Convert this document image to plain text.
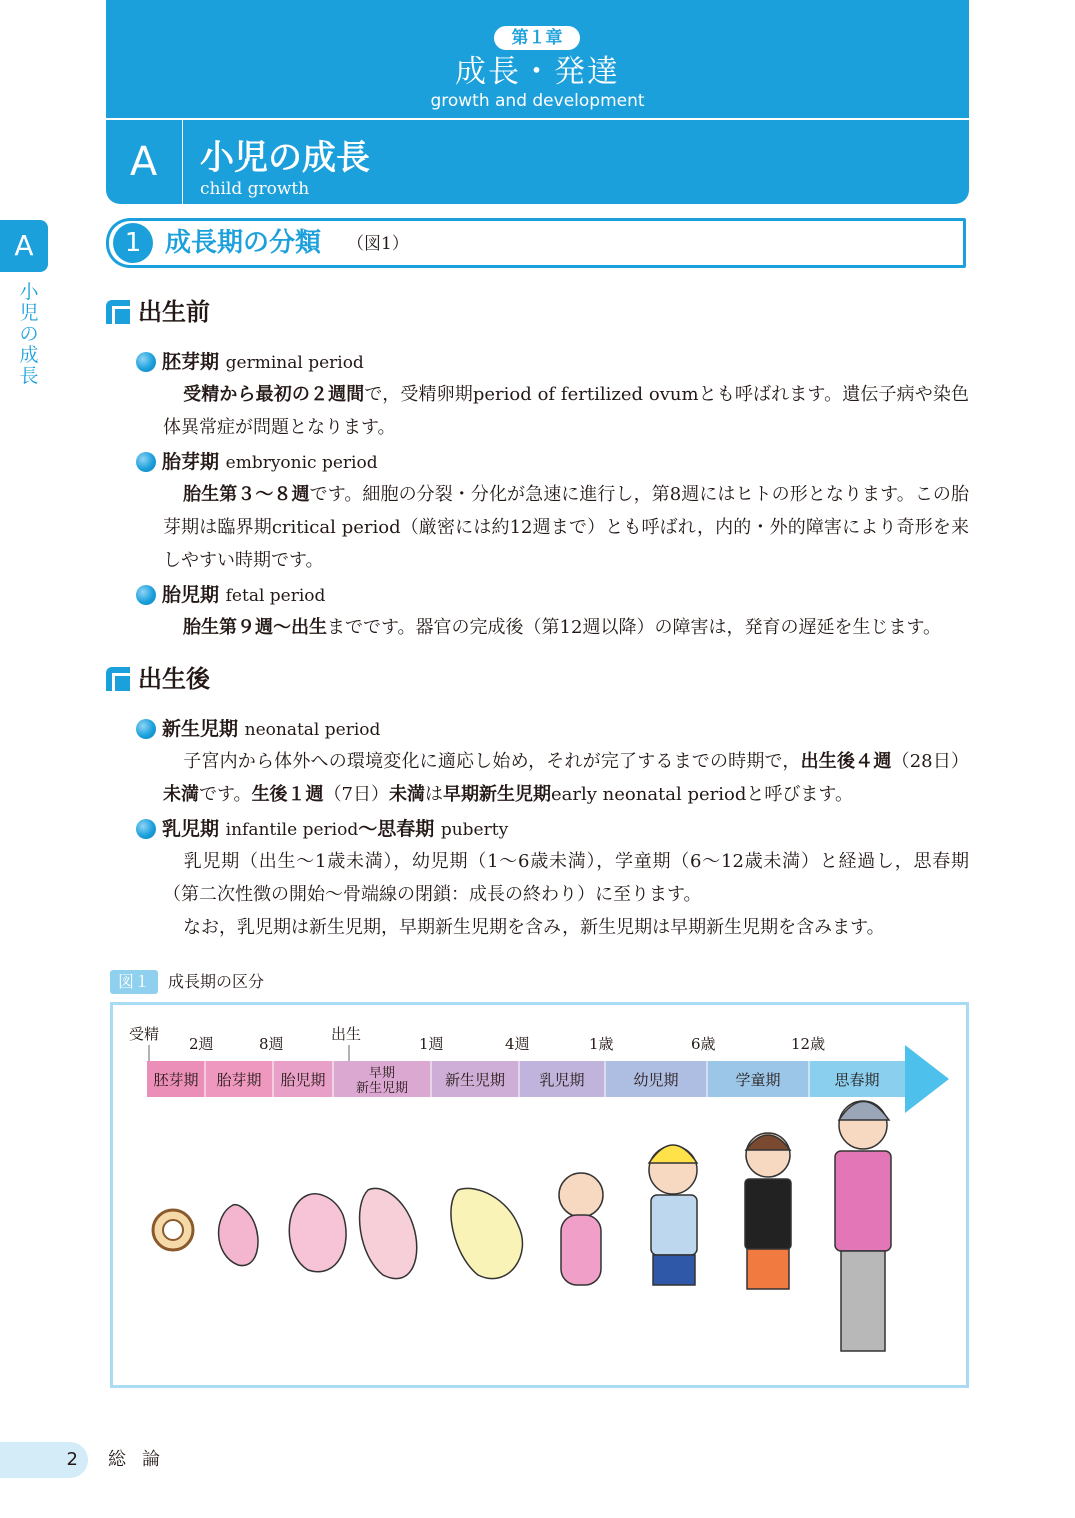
第１章
成長・発達
growth and development
A	小児の成長
child growth
A
小
児
の
成
長
1 成長期の分類 （図1）
出生前
胚芽期 germinal period
受精から最初の２週間で，受精卵期period of fertilized ovumとも呼ばれます。遺伝子病や染色体異常症が問題となります。
胎芽期 embryonic period
胎生第３～８週です。細胞の分裂・分化が急速に進行し，第8週にはヒトの形となります。この胎芽期は臨界期critical period（厳密には約12週まで）とも呼ばれ，内的・外的障害により奇形を来しやすい時期です。
胎児期 fetal period
胎生第９週〜出生までです。器官の完成後（第12週以降）の障害は，発育の遅延を生じます。
出生後
新生児期 neonatal period
子宮内から体外への環境変化に適応し始め，それが完了するまでの時期で，出生後４週（28日）未満です。生後１週（7日）未満は早期新生児期early neonatal periodと呼びます。
乳児期 infantile period〜思春期 puberty
乳児期（出生～1歳未満），幼児期（1～6歳未満），学童期（6～12歳未満）と経過し，思春期（第二次性徴の開始～骨端線の閉鎖：成長の終わり）に至ります。
なお，乳児期は新生児期，早期新生児期を含み，新生児期は早期新生児期を含みます。
図１	成長期の区分
受精
2週	8週
出生
1週	4週	1歳	6歳	12歳
胚芽期 胎芽期 胎児期	早期
新生児期 新生児期 乳児期	幼児期	学童期	思春期
2	総論
